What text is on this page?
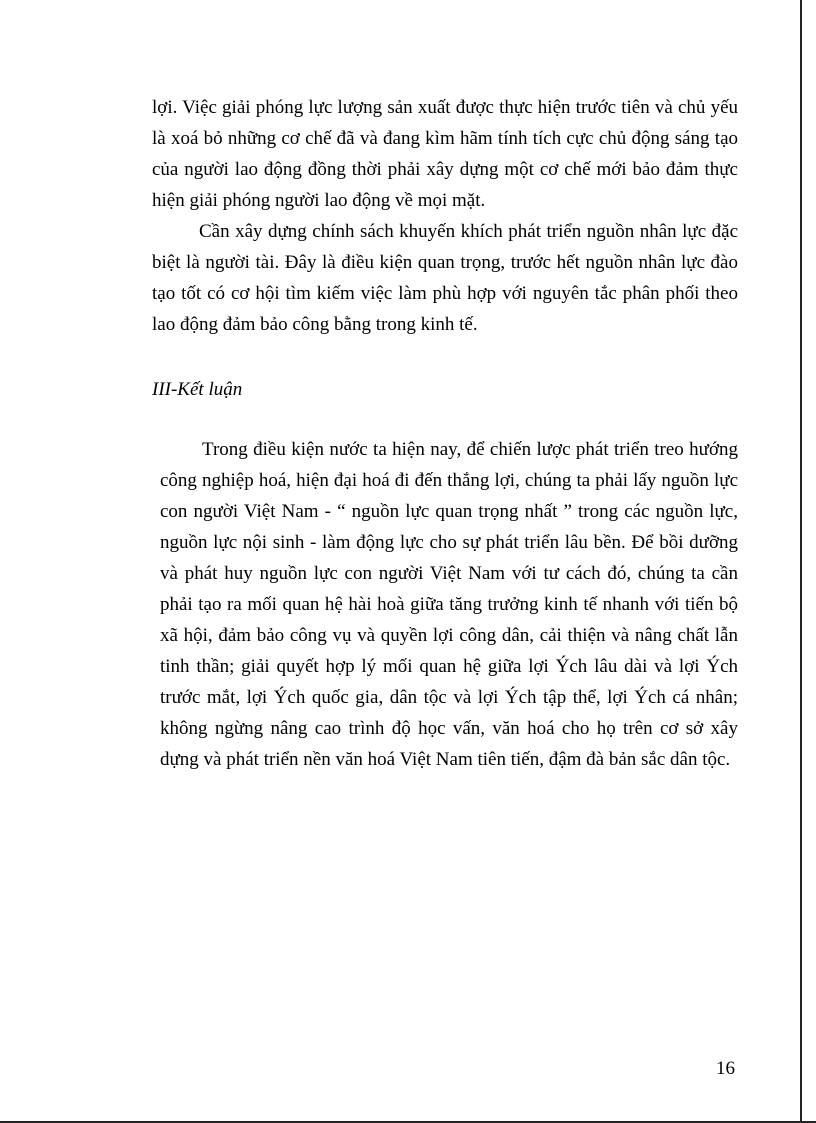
lợi. Việc giải phóng lực lượng sản xuất được thực hiện trước tiên và chủ yếu là xoá bỏ những cơ chế đã và đang kìm hãm tính tích cực chủ động sáng tạo của người lao động đồng thời phải xây dựng một cơ chế mới bảo đảm thực hiện giải phóng người lao động về mọi mặt.

Cần xây dựng chính sách khuyến khích phát triển nguồn nhân lực đặc biệt là người tài. Đây là điều kiện quan trọng, trước hết nguồn nhân lực đào tạo tốt có cơ hội tìm kiếm việc làm phù hợp với nguyên tắc phân phối theo lao động đảm bảo công bằng trong kinh tế.

III-Kết luận

Trong điều kiện nước ta hiện nay, để chiến lược phát triển treo hướng công nghiệp hoá, hiện đại hoá đi đến thắng lợi, chúng ta phải lấy nguồn lực con người Việt Nam - “ nguồn lực quan trọng nhất ” trong các nguồn lực, nguồn lực nội sinh - làm động lực cho sự phát triển lâu bền. Để bồi dưỡng và phát huy nguồn lực con người Việt Nam với tư cách đó, chúng ta cần phải tạo ra mối quan hệ hài hoà giữa tăng trưởng kinh tế nhanh với tiến bộ xã hội, đảm bảo công vụ và quyền lợi công dân, cải thiện và nâng chất lẫn tinh thần; giải quyết hợp lý mối quan hệ giữa lợi Ých lâu dài và lợi Ých trước mắt, lợi Ých quốc gia, dân tộc và lợi Ých tập thể, lợi Ých cá nhân; không ngừng nâng cao trình độ học vấn, văn hoá cho họ trên cơ sở xây dựng và phát triển nền văn hoá Việt Nam tiên tiến, đậm đà bản sắc dân tộc.

16
